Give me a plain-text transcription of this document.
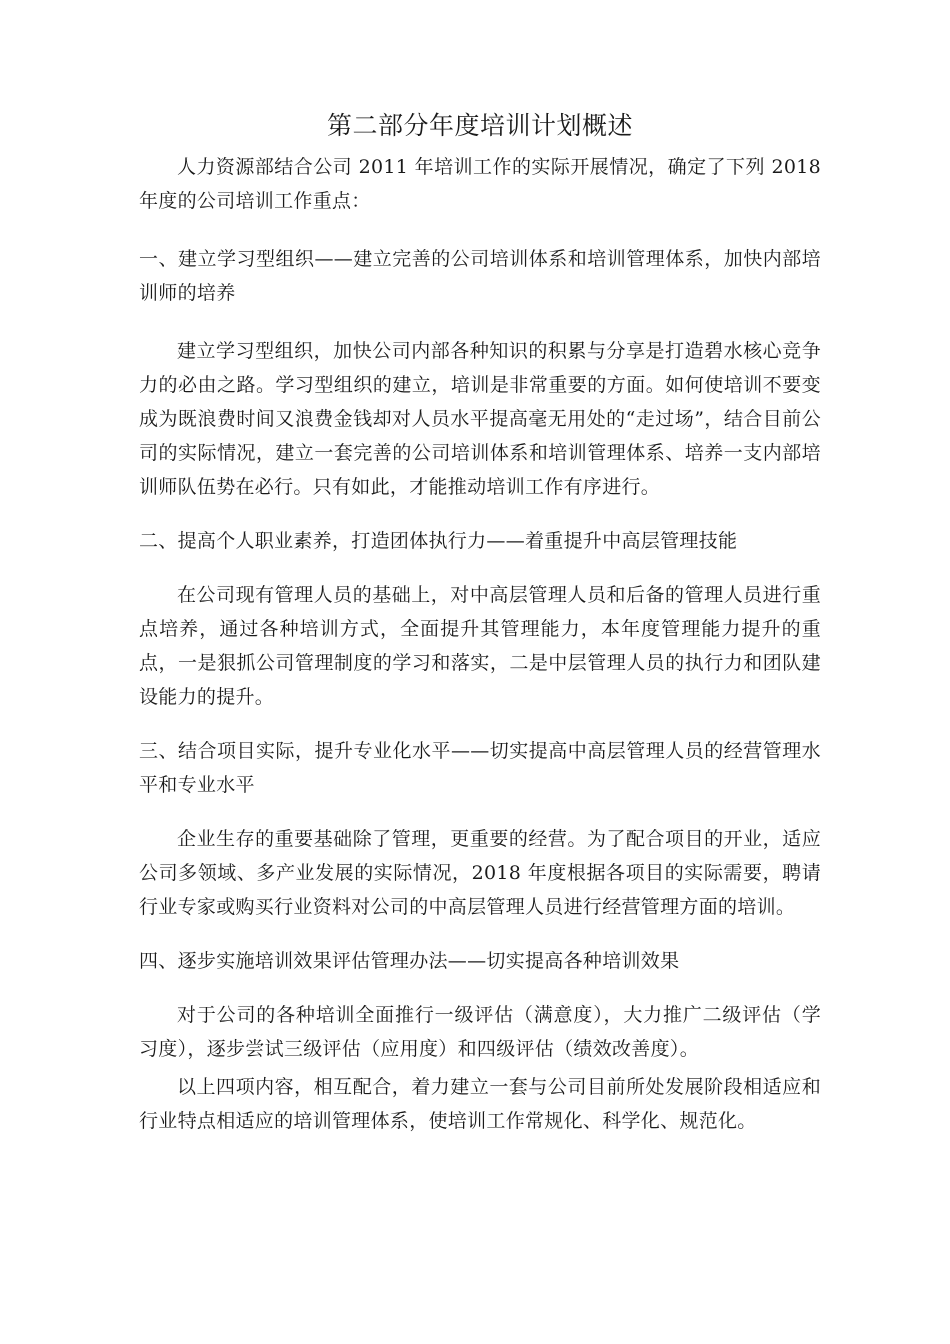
第二部分年度培训计划概述

人力资源部结合公司 2011 年培训工作的实际开展情况，确定了下列 2018 年度的公司培训工作重点：

一、建立学习型组织——建立完善的公司培训体系和培训管理体系，加快内部培训师的培养

建立学习型组织，加快公司内部各种知识的积累与分享是打造碧水核心竞争力的必由之路。学习型组织的建立，培训是非常重要的方面。如何使培训不要变成为既浪费时间又浪费金钱却对人员水平提高毫无用处的“走过场”，结合目前公司的实际情况，建立一套完善的公司培训体系和培训管理体系、培养一支内部培训师队伍势在必行。只有如此，才能推动培训工作有序进行。

二、提高个人职业素养，打造团体执行力——着重提升中高层管理技能

在公司现有管理人员的基础上，对中高层管理人员和后备的管理人员进行重点培养，通过各种培训方式，全面提升其管理能力，本年度管理能力提升的重点，一是狠抓公司管理制度的学习和落实，二是中层管理人员的执行力和团队建设能力的提升。

三、结合项目实际，提升专业化水平——切实提高中高层管理人员的经营管理水平和专业水平

企业生存的重要基础除了管理，更重要的经营。为了配合项目的开业，适应公司多领域、多产业发展的实际情况，2018 年度根据各项目的实际需要，聘请行业专家或购买行业资料对公司的中高层管理人员进行经营管理方面的培训。

四、逐步实施培训效果评估管理办法——切实提高各种培训效果

对于公司的各种培训全面推行一级评估（满意度），大力推广二级评估（学习度），逐步尝试三级评估（应用度）和四级评估（绩效改善度）。

以上四项内容，相互配合，着力建立一套与公司目前所处发展阶段相适应和行业特点相适应的培训管理体系，使培训工作常规化、科学化、规范化。
